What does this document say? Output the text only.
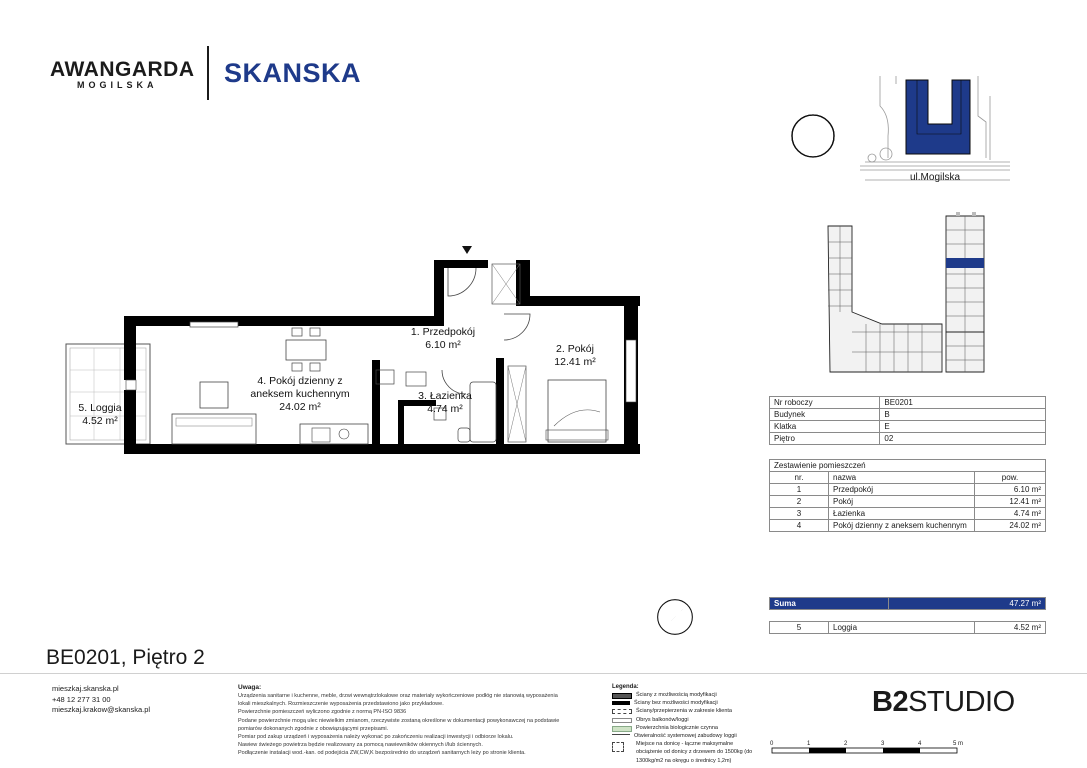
AWANGARDA
MOGILSKA SKANSKA
N
ul.Mogilska
1. Przedpokój
6.10 m²	2. Pokój
12.41 m²
3. Łazienka
4.74 m²
4. Pokój dzienny z
aneksem kuchennym
24.02 m²
5. Loggia
4.52 m²
Nr roboczy	BE0201
Budynek	B
Klatka	E
Piętro	02
Zestawienie pomieszczeń		
nr.	nazwa	pow.
1	Przedpokój	6.10 m²
2	Pokój	12.41 m²
3	Łazienka	4.74 m²
4	Pokój dzienny z aneksem kuchennym	24.02 m²
N
Suma	47.27 m²
5	Loggia	4.52 m²
BE0201, Piętro 2
mieszkaj.skanska.pl
+48 12 277 31 00
mieszkaj.krakow@skanska.pl
Uwaga:
Urządzenia sanitarne i kuchenne, meble, drzwi wewnątrzlokalowe oraz materiały wykończeniowe podłóg nie stanowią wyposażenia
lokali mieszkalnych. Rozmieszczenie wyposażenia przedstawiono jako przykładowe.
Powierzchnie pomieszczeń wyliczono zgodnie z normą PN-ISO 9836
Podane powierzchnie mogą ulec niewielkim zmianom, rzeczywiste zostaną określone w dokumentacji powykonawczej na podstawie
pomiarów dokonanych zgodnie z obowiązującymi przepisami.
Pomiar pod zakup urządzeń i wyposażenia należy wykonać po zakończeniu realizacji inwestycji i odbiorze lokalu.
Nawiew świeżego powietrza będzie realizowany za pomocą nawiewników okiennych i/lub ściennych.
Podłączenie instalacji wod.-kan. od podejścia ZW,CW,K bezpośrednio do urządzeń sanitarnych leży po stronie klienta.
Legenda:
Ściany z możliwością modyfikacji
Ściany bez możliwości modyfikacji
Ściany/przepierzenia w zakresie klienta
Obrys balkonów/loggi
Powierzchnia biologicznie czynna
Otwieralność systemowej zabudowy loggii
Miejsce na donicę - łączne maksymalne obciążenie od donicy z drzewem do 1500kg (do 1300kg/m2 na okręgu o średnicy 1,2m)
B2STUDIO
0	1	2	3	4	5 m
